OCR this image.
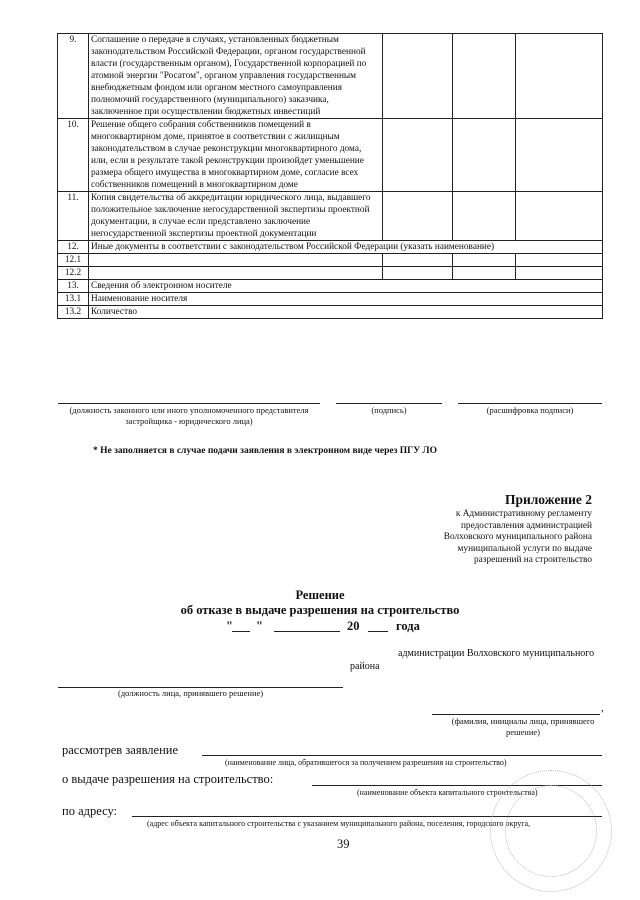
9.	Соглашение о передаче в случаях, установленных бюджетным законодательством Российской Федерации, органом государственной власти (государственным органом), Государственной корпорацией по атомной энергии "Росатом", органом управления государственным внебюджетным фондом или органом местного самоуправления полномочий государственного (муниципального) заказчика, заключенное при осуществлении бюджетных инвестиций			
10.	Решение общего собрания собственников помещений в многоквартирном доме, принятое в соответствии с жилищным законодательством в случае реконструкции многоквартирного дома, или, если в результате такой реконструкции произойдет уменьшение размера общего имущества в многоквартирном доме, согласие всех собственников помещений в многоквартирном доме			
11.	Копия свидетельства об аккредитации юридического лица, выдавшего положительное заключение негосударственной экспертизы проектной документации, в случае если представлено заключение негосударственной экспертизы проектной документации			
12.	Иные документы в соответствии с законодательством Российской Федерации (указать наименование)			
12.1				
12.2				
13.	Сведения об электронном носителе			
13.1	Наименование носителя			
13.2	Количество			
(должность законного или иного уполномоченного представителя застройщика - юридического лица)
(подпись)	(расшифровка подписи)
* Не заполняется в случае подачи заявления в электронном виде через ПГУ ЛО
Приложение 2
к Административному регламенту
предоставления администрацией
Волховского муниципального района
муниципальной услуги по выдаче
разрешений на строительство
Решение
об отказе в выдаче разрешения на строительство
" "	20	года
администрации Волховского муниципального
района
(должность лица, принявшего решение)
,
(фамилия, инициалы лица, принявшего решение)
рассмотрев заявление
(наименование лица, обратившегося за получением разрешения на строительство)
о выдаче разрешения на строительство:
(наименование объекта капитального строительства)
по адресу:
(адрес объекта капитального строительства с указанием муниципального района, поселения, городского округа,
39
